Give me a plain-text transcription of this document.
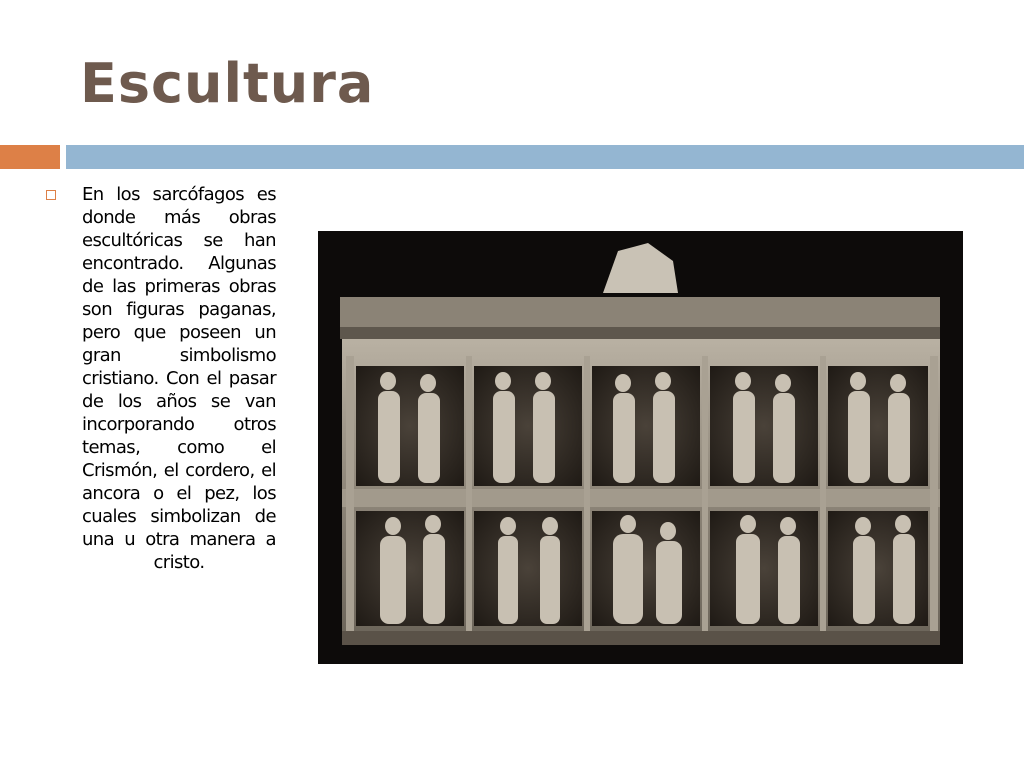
Escultura

En los sarcófagos es donde más obras escultóricas se han encontrado. Algunas de las primeras obras son figuras paganas, pero que poseen un gran simbolismo cristiano. Con el pasar de los años se van incorporando otros temas, como el Crismón, el cordero, el ancora o el pez, los cuales simbolizan de una u otra manera a cristo.
